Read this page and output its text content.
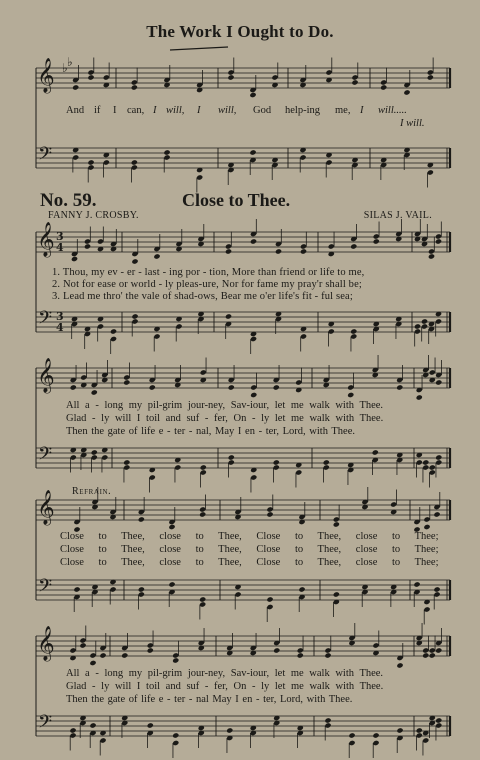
The Work I Ought to Do.
𝄞
𝄢
𝄞
𝄢
𝄞
𝄢
𝄞
𝄢
𝄞
𝄢
♭ ♭
3
4
3
4
And if I can, I will, I will, God help-ing me, I will.....
I will.
No. 59.	Close to Thee.
FANNY J. CROSBY.	SILAS J. VAIL.
1. Thou, my ev - er - last - ing por - tion, More than friend or life to me,
2. Not for ease or world - ly pleas-ure, Nor for fame my pray'r shall be;
3. Lead me thro' the vale of shad-ows, Bear me o'er life's fit - ful sea;
All a - long my pil-grim jour-ney, Sav-iour, let me walk with Thee.
Glad - ly will I toil and suf - fer, On - ly let me walk with Thee.
Then the gate of life e - ter - nal, May I en - ter, Lord, with Thee.
Refrain.
Close to Thee, close to Thee, Close to Thee, close to Thee;
Close to Thee, close to Thee, Close to Thee, close to Thee;
Close to Thee, close to Thee, Close to Thee, close to Thee;
All a - long my pil-grim jour-ney, Sav-iour, let me walk with Thee.
Glad - ly will I toil and suf - fer, On - ly let me walk with Thee.
Then the gate of life e - ter - nal May I en - ter, Lord, with Thee.
